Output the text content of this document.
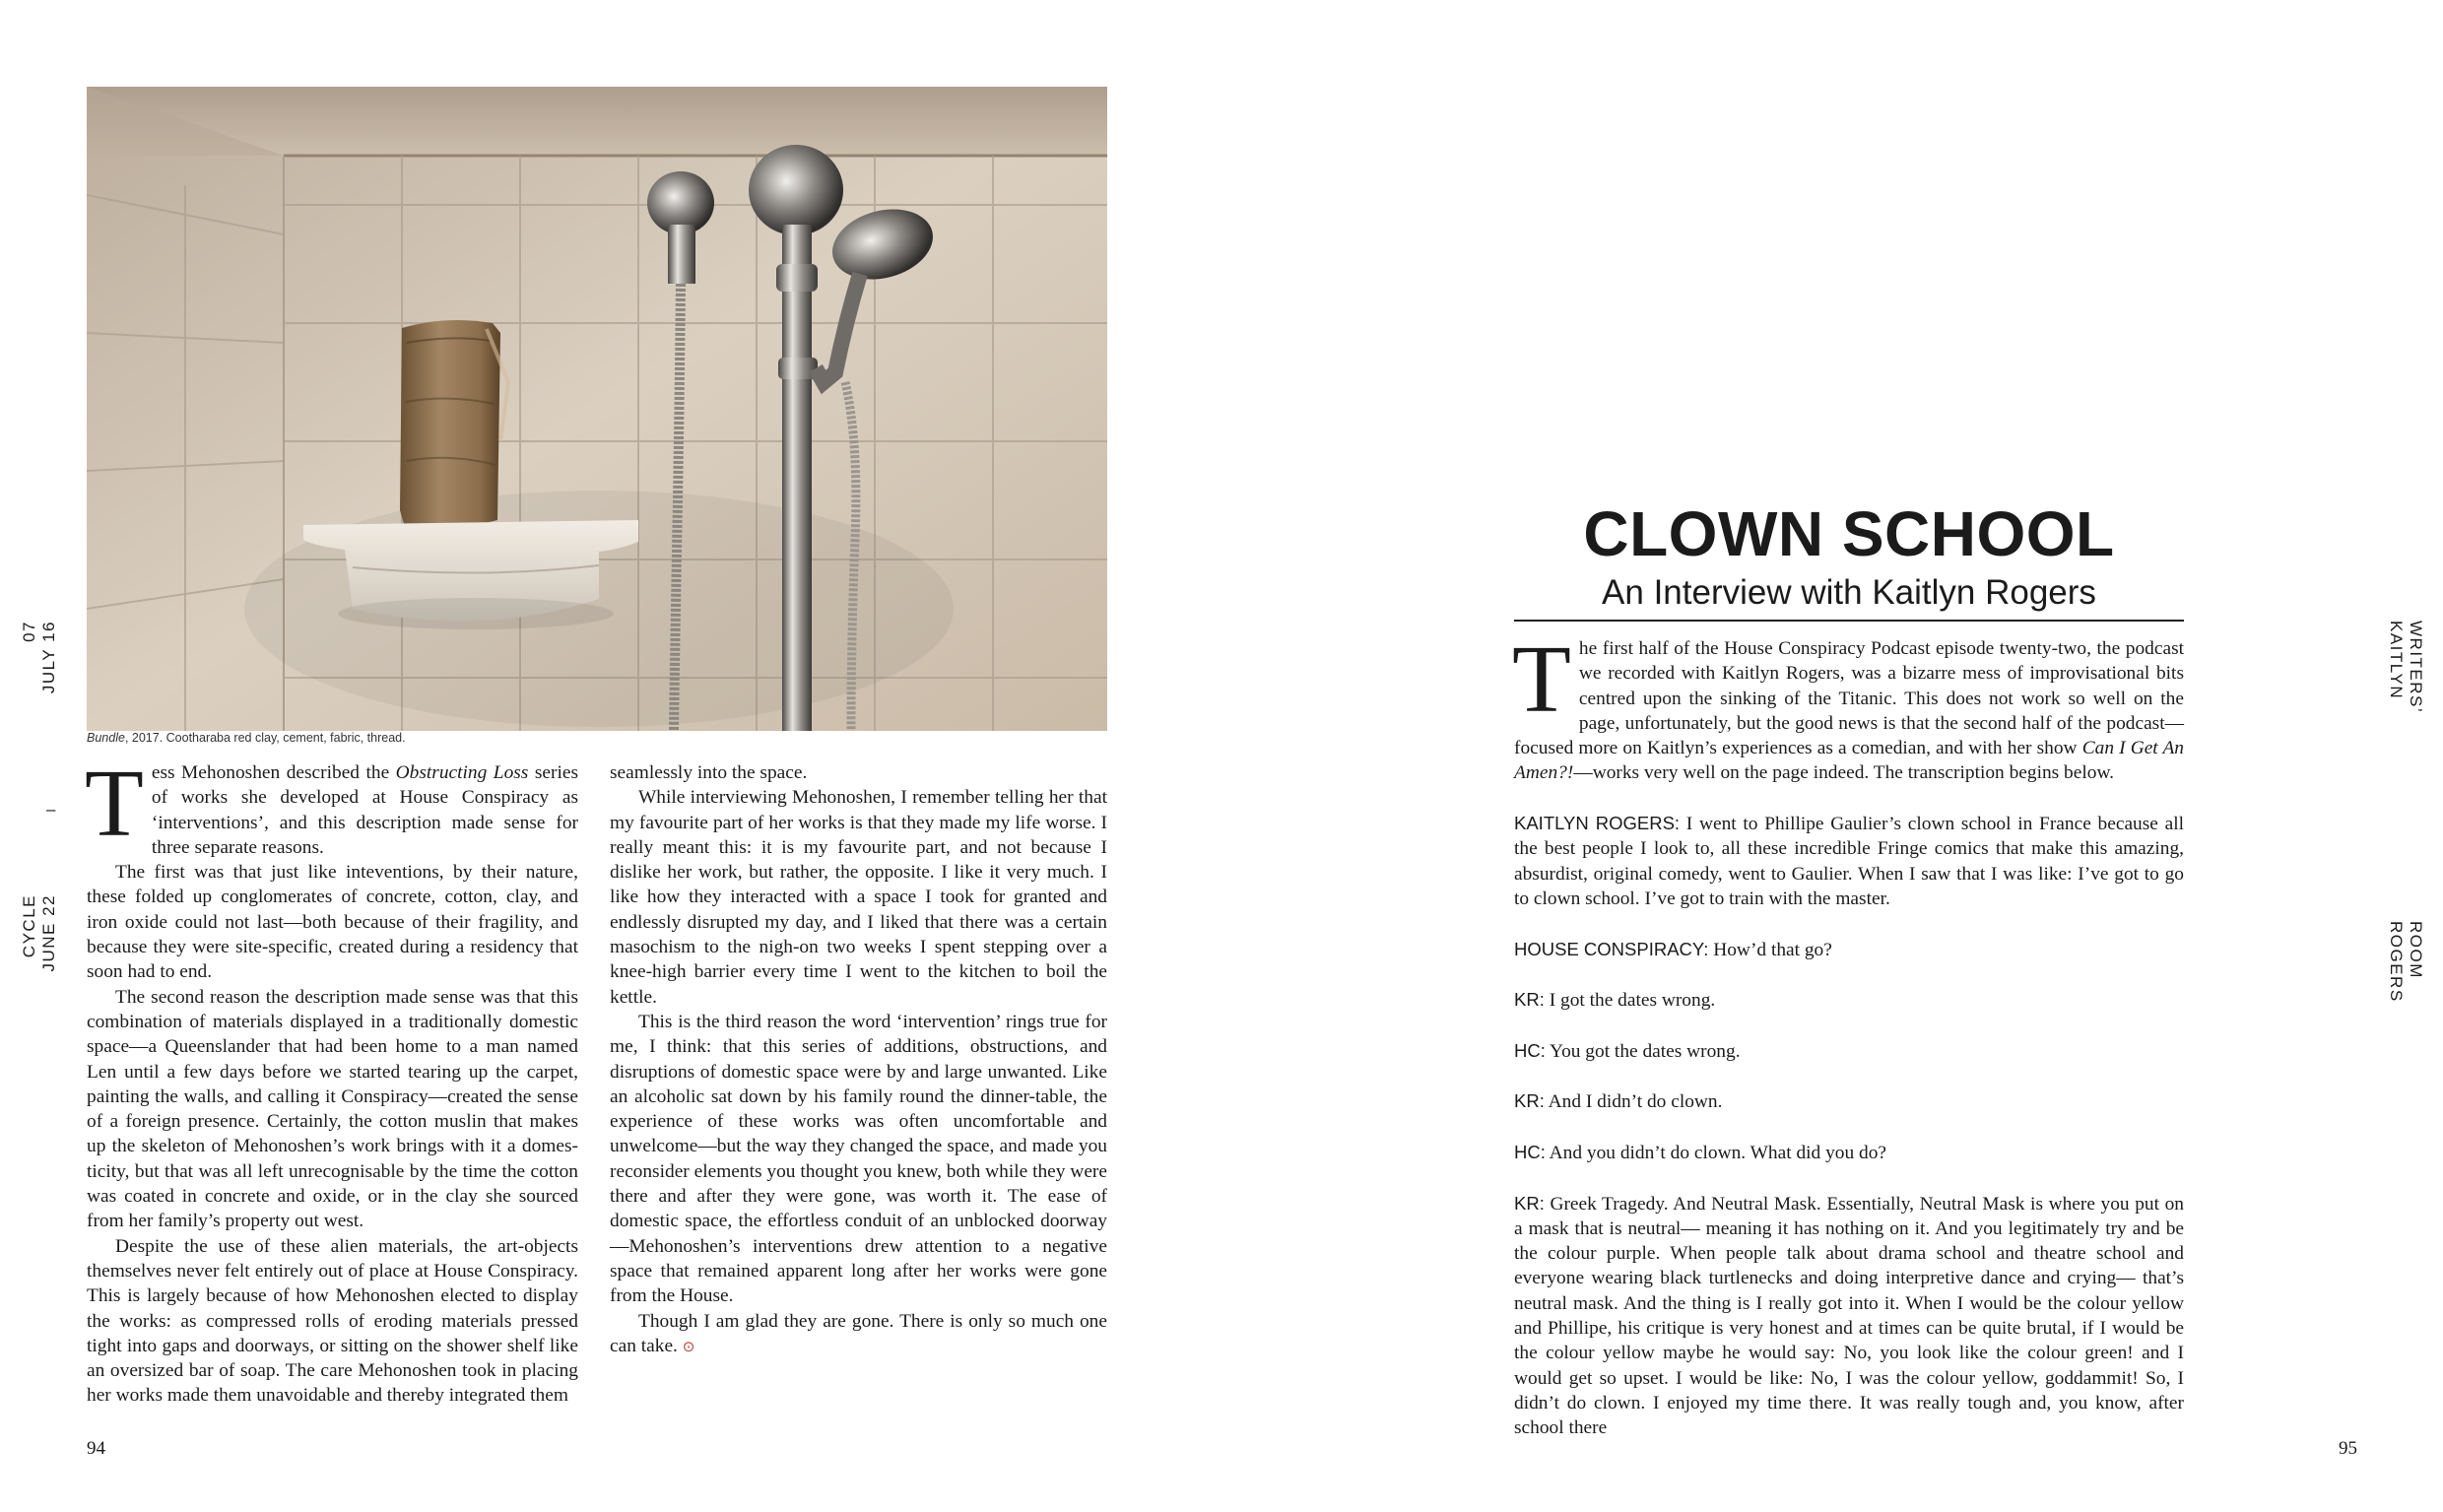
Bundle, 2017. Cootharaba red clay, cement, fabric, thread.

Tess Mehonoshen described the Obstructing Loss series of works she developed at House Conspiracy as ‘interventions’, and this description made sense for three separate reasons.

The first was that just like inteventions, by their nature, these folded up conglomerates of concrete, cotton, clay, and iron oxide could not last—both because of their fragility, and because they were site-specific, created during a residency that soon had to end.

The second reason the description made sense was that this combination of materials displayed in a traditionally domestic space—a Queenslander that had been home to a man named Len until a few days before we started tearing up the carpet, painting the walls, and calling it Conspiracy—created the sense of a foreign presence. Certainly, the cotton muslin that makes up the skeleton of Mehonoshen’s work brings with it a domesticity, but that was all left unrecognisable by the time the cotton was coated in concrete and oxide, or in the clay she sourced from her family’s property out west.

Despite the use of these alien materials, the art-objects themselves never felt entirely out of place at House Conspiracy. This is largely because of how Mehonoshen elected to display the works: as compressed rolls of eroding materials pressed tight into gaps and doorways, or sitting on the shower shelf like an oversized bar of soap. The care Mehonoshen took in placing her works made them unavoidable and thereby integrated them

seamlessly into the space.

While interviewing Mehonoshen, I remember telling her that my favourite part of her works is that they made my life worse. I really meant this: it is my favourite part, and not because I dislike her work, but rather, the opposite. I like it very much. I like how they interacted with a space I took for granted and endlessly disrupted my day, and I liked that there was a certain masochism to the nigh-on two weeks I spent stepping over a knee-high barrier every time I went to the kitchen to boil the kettle.

This is the third reason the word ‘intervention’ rings true for me, I think: that this series of additions, obstructions, and disruptions of domestic space were by and large unwanted. Like an alcoholic sat down by his family round the dinner-table, the experience of these works was often uncomfortable and unwelcome—but the way they changed the space, and made you reconsider elements you thought you knew, both while they were there and after they were gone, was worth it. The ease of domestic space, the effortless conduit of an unblocked doorway—Mehonoshen’s interventions drew attention to a negative space that remained apparent long after her works were gone from the House.

Though I am glad they are gone. There is only so much one can take. ⊙

07 JULY 16
–
CYCLE JUNE 22
94
CLOWN SCHOOL
An Interview with Kaitlyn Rogers

The first half of the House Conspiracy Podcast episode twenty-two, the podcast we recorded with Kaitlyn Rogers, was a bizarre mess of improvisational bits centred upon the sinking of the Titanic. This does not work so well on the page, unfortunately, but the good news is that the second half of the podcast—focused more on Kaitlyn’s experiences as a comedian, and with her show Can I Get An Amen?!—works very well on the page indeed. The transcription begins below.

KAITLYN ROGERS: I went to Phillipe Gaulier’s clown school in France because all the best people I look to, all these incredible Fringe comics that make this amazing, absurdist, original comedy, went to Gaulier. When I saw that I was like: I’ve got to go to clown school. I’ve got to train with the master.

HOUSE CONSPIRACY: How’d that go?

KR: I got the dates wrong.

HC: You got the dates wrong.

KR: And I didn’t do clown.

HC: And you didn’t do clown. What did you do?

KR: Greek Tragedy. And Neutral Mask. Essentially, Neutral Mask is where you put on a mask that is neutral— meaning it has nothing on it. And you legitimately try and be the colour purple. When people talk about drama school and theatre school and everyone wearing black turtlenecks and doing interpretive dance and crying— that’s neutral mask. And the thing is I really got into it. When I would be the colour yellow and Phillipe, his critique is very honest and at times can be quite brutal, if I would be the colour yellow maybe he would say: No, you look like the colour green! and I would get so upset. I would be like: No, I was the colour yellow, goddammit! So, I didn’t do clown. I enjoyed my time there. It was really tough and, you know, after school there

KAITLYN WRITERS’
ROGERS ROOM
95
